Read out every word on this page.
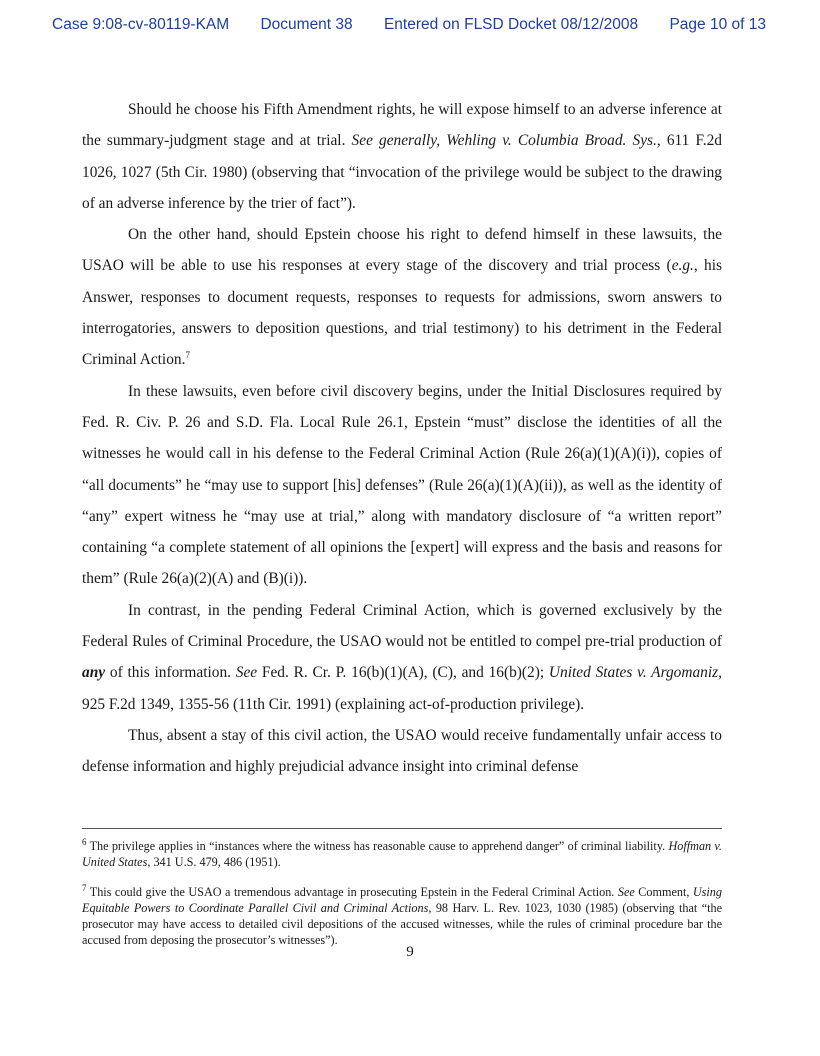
Case 9:08-cv-80119-KAM Document 38 Entered on FLSD Docket 08/12/2008 Page 10 of 13

Should he choose his Fifth Amendment rights, he will expose himself to an adverse inference at the summary-judgment stage and at trial. See generally, Wehling v. Columbia Broad. Sys., 611 F.2d 1026, 1027 (5th Cir. 1980) (observing that “invocation of the privilege would be subject to the drawing of an adverse inference by the trier of fact”).

On the other hand, should Epstein choose his right to defend himself in these lawsuits, the USAO will be able to use his responses at every stage of the discovery and trial process (e.g., his Answer, responses to document requests, responses to requests for admissions, sworn answers to interrogatories, answers to deposition questions, and trial testimony) to his detriment in the Federal Criminal Action.$^7$

In these lawsuits, even before civil discovery begins, under the Initial Disclosures required by Fed. R. Civ. P. 26 and S.D. Fla. Local Rule 26.1, Epstein “must” disclose the identities of all the witnesses he would call in his defense to the Federal Criminal Action (Rule 26(a)(1)(A)(i)), copies of “all documents” he “may use to support [his] defenses” (Rule 26(a)(1)(A)(ii)), as well as the identity of “any” expert witness he “may use at trial,” along with mandatory disclosure of “a written report” containing “a complete statement of all opinions the [expert] will express and the basis and reasons for them” (Rule 26(a)(2)(A) and (B)(i)).

In contrast, in the pending Federal Criminal Action, which is governed exclusively by the Federal Rules of Criminal Procedure, the USAO would not be entitled to compel pre-trial production of any of this information. See Fed. R. Cr. P. 16(b)(1)(A), (C), and 16(b)(2); United States v. Argomaniz, 925 F.2d 1349, 1355-56 (11th Cir. 1991) (explaining act-of-production privilege).

Thus, absent a stay of this civil action, the USAO would receive fundamentally unfair access to defense information and highly prejudicial advance insight into criminal defense

$^6$ The privilege applies in “instances where the witness has reasonable cause to apprehend danger” of criminal liability. Hoffman v. United States, 341 U.S. 479, 486 (1951).

$^7$ This could give the USAO a tremendous advantage in prosecuting Epstein in the Federal Criminal Action. See Comment, Using Equitable Powers to Coordinate Parallel Civil and Criminal Actions, 98 Harv. L. Rev. 1023, 1030 (1985) (observing that “the prosecutor may have access to detailed civil depositions of the accused witnesses, while the rules of criminal procedure bar the accused from deposing the prosecutor’s witnesses”).

9
